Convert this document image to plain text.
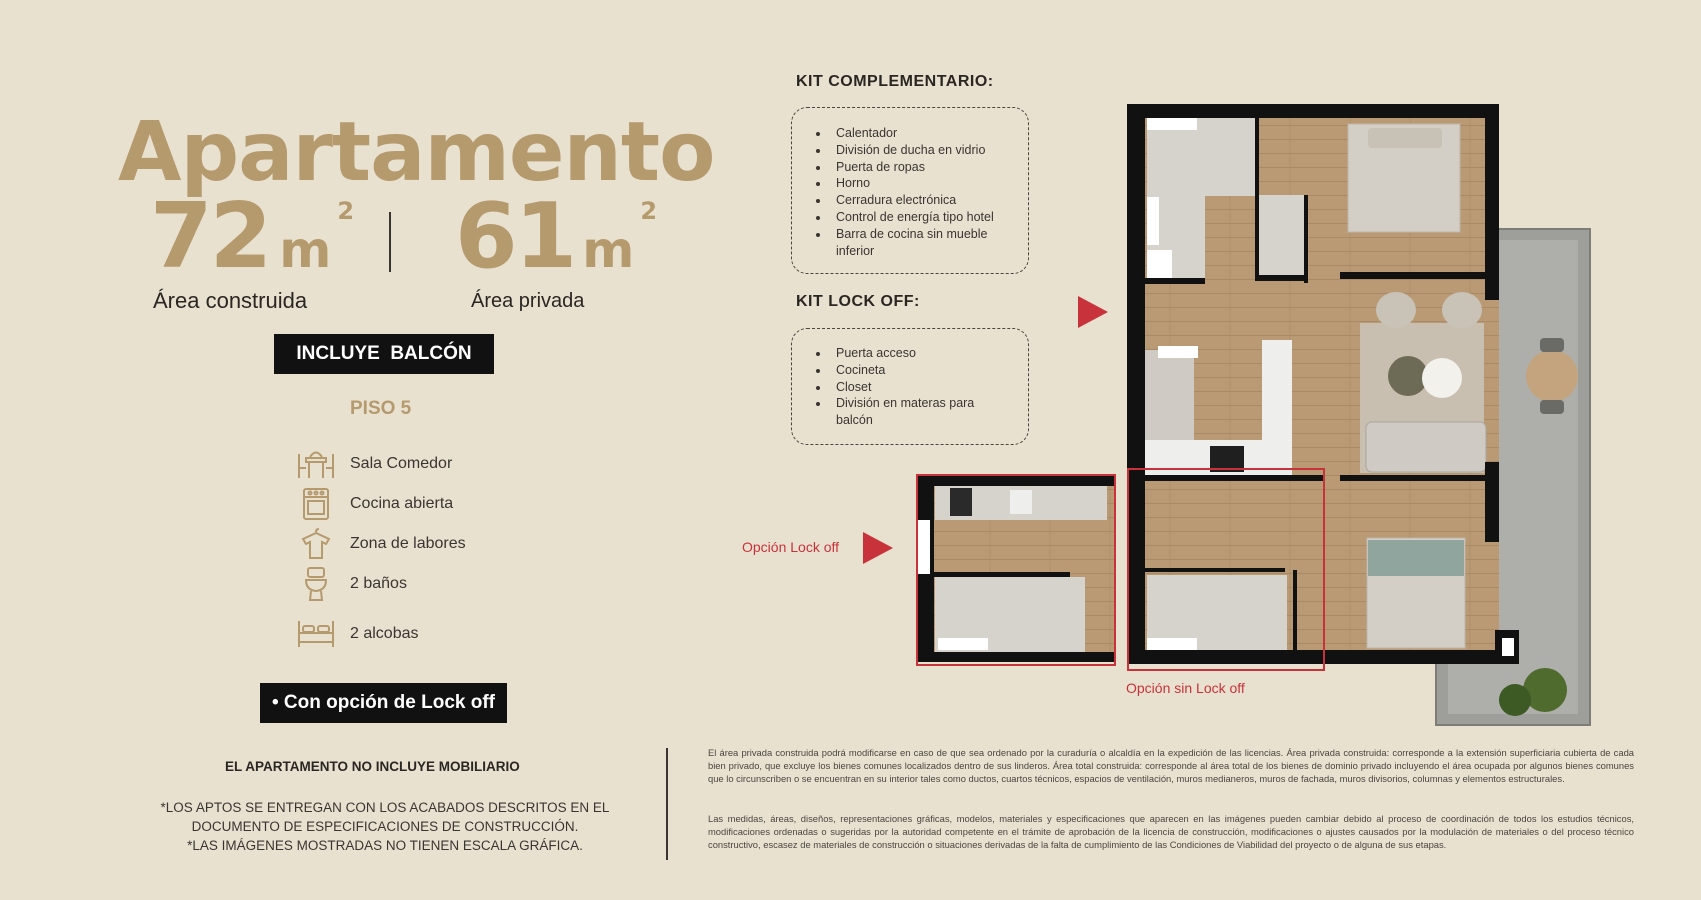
Apartamento
72 m2 61 m2
Área construida	Área privada
INCLUYE  BALCÓN
PISO 5
Sala Comedor
Cocina abierta
Zona de labores
2 baños
2 alcobas
• Con opción de Lock off
EL APARTAMENTO NO INCLUYE MOBILIARIO
*LOS APTOS SE ENTREGAN CON LOS ACABADOS DESCRITOS EN EL
DOCUMENTO DE ESPECIFICACIONES DE CONSTRUCCIÓN.
*LAS IMÁGENES MOSTRADAS NO TIENEN ESCALA GRÁFICA.
KIT COMPLEMENTARIO:
• Calentador
• División de ducha en vidrio
• Puerta de ropas
• Horno
• Cerradura electrónica
• Control de energía tipo hotel
• Barra de cocina sin mueble inferior
KIT LOCK OFF:
• Puerta acceso
• Cocineta
• Closet
• División en materas para balcón
Opción Lock off
Opción sin Lock off
El área privada construida podrá modificarse en caso de que sea ordenado por la curaduría o alcaldía en la expedición de las licencias. Área privada construida: corresponde a la extensión superficiaria cubierta de cada bien privado, que excluye los bienes comunes localizados dentro de sus linderos. Área total construida: corresponde al área total de los bienes de dominio privado incluyendo el área ocupada por algunos bienes comunes que lo circunscriben o se encuentran en su interior tales como ductos, cuartos técnicos, espacios de ventilación, muros medianeros, muros de fachada, muros divisorios, columnas y elementos estructurales.
Las medidas, áreas, diseños, representaciones gráficas, modelos, materiales y especificaciones que aparecen en las imágenes pueden cambiar debido al proceso de coordinación de todos los estudios técnicos, modificaciones ordenadas o sugeridas por la autoridad competente en el trámite de aprobación de la licencia de construcción, modificaciones o ajustes causados por la modulación de materiales o del proceso técnico constructivo, escasez de materiales de construcción o situaciones derivadas de la falta de cumplimiento de las Condiciones de Viabilidad del proyecto o de alguna de sus etapas.
